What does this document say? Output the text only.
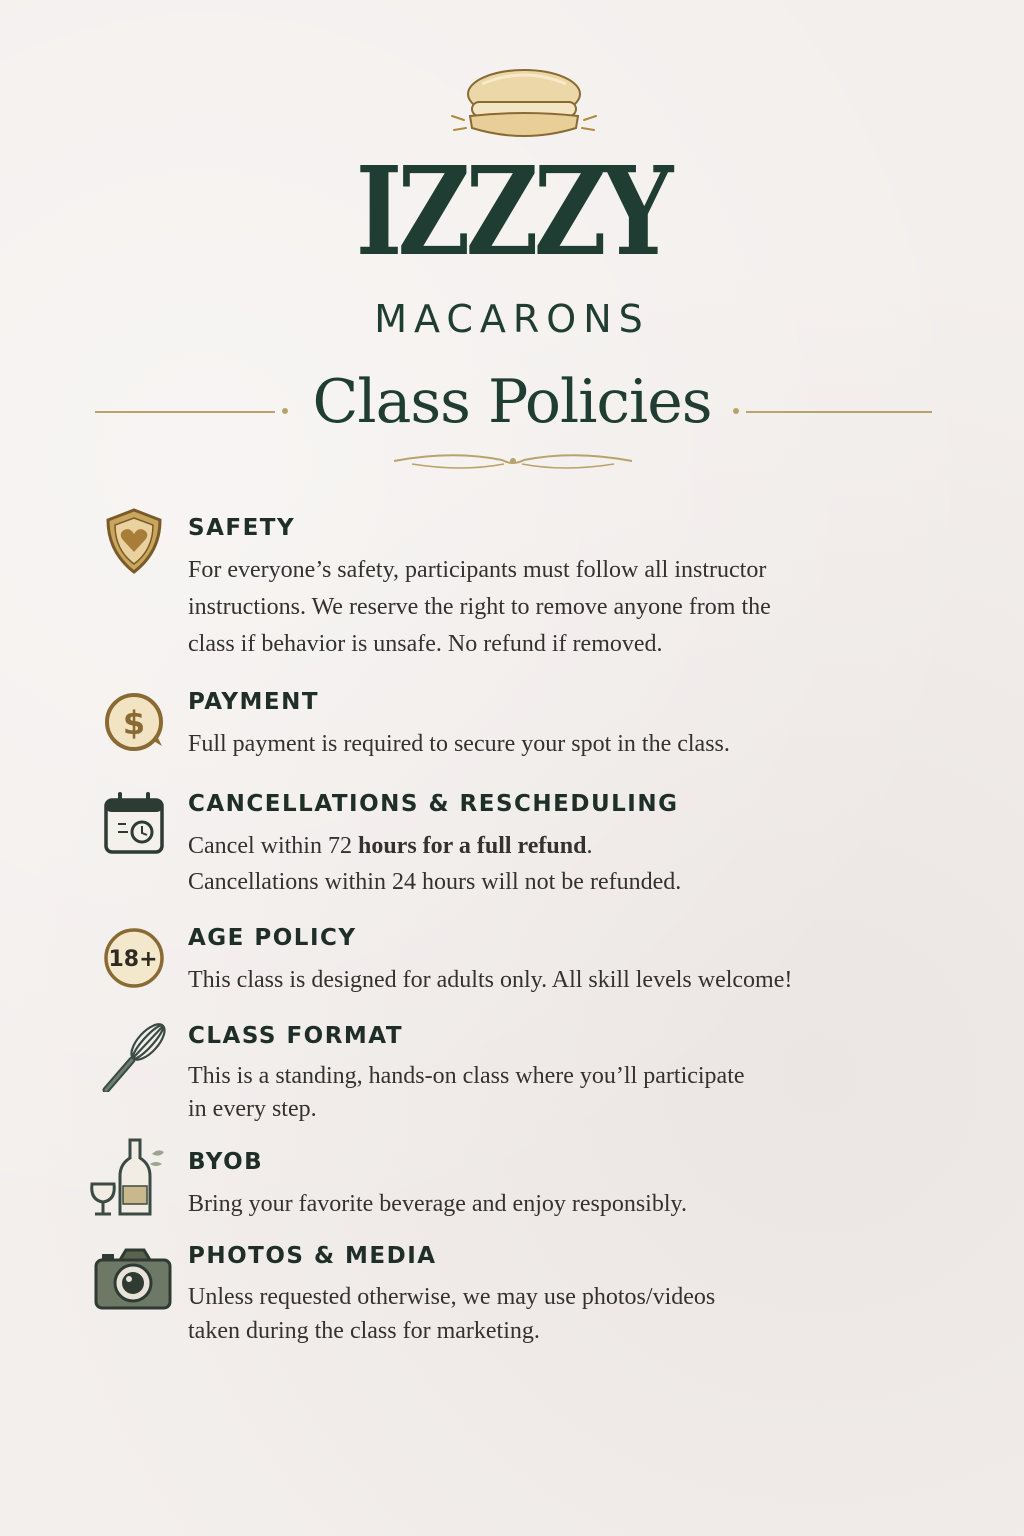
IZZZY
MACARONS
Class Policies
SAFETY

For everyone’s safety, participants must follow all instructor
instructions. We reserve the right to remove anyone from the
class if behavior is unsafe. No refund if removed.

$
PAYMENT

Full payment is required to secure your spot in the class.

CANCELLATIONS & RESCHEDULING

Cancel within 72 hours for a full refund.
Cancellations within 24 hours will not be refunded.

18+
AGE POLICY

This class is designed for adults only. All skill levels welcome!

CLASS FORMAT

This is a standing, hands-on class where you’ll participate
in every step.

BYOB

Bring your favorite beverage and enjoy responsibly.

PHOTOS & MEDIA

Unless requested otherwise, we may use photos/videos
taken during the class for marketing.
